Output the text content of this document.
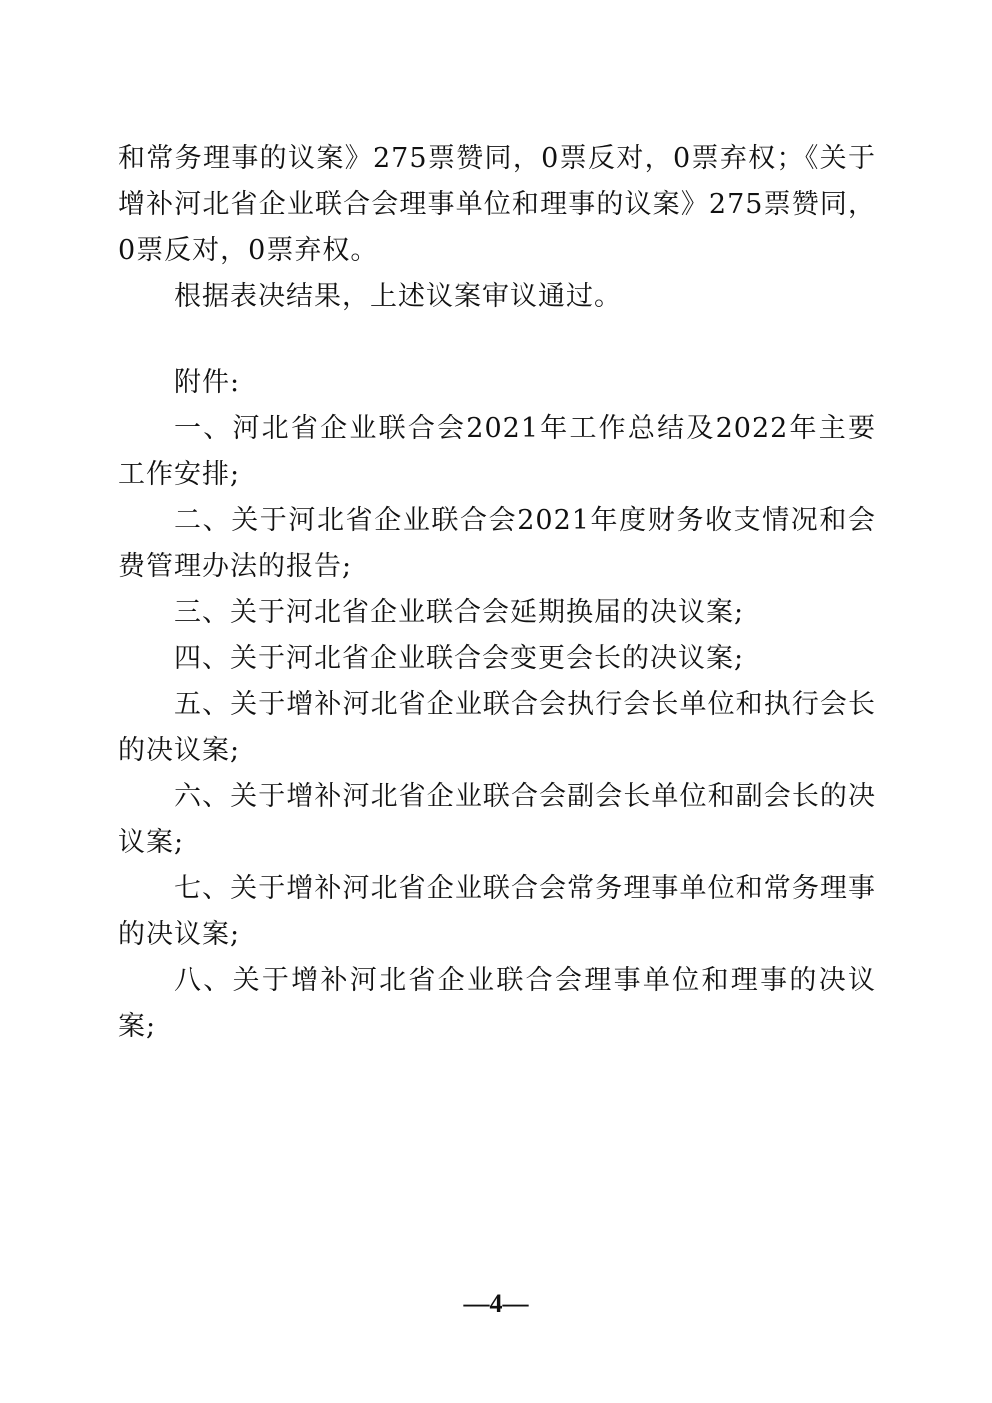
和常务理事的议案》275票赞同，0票反对，0票弃权；《关于增补河北省企业联合会理事单位和理事的议案》275票赞同，0票反对，0票弃权。

根据表决结果，上述议案审议通过。

附件:

一、河北省企业联合会2021年工作总结及2022年主要工作安排;

二、关于河北省企业联合会2021年度财务收支情况和会费管理办法的报告;

三、关于河北省企业联合会延期换届的决议案;

四、关于河北省企业联合会变更会长的决议案;

五、关于增补河北省企业联合会执行会长单位和执行会长的决议案;

六、关于增补河北省企业联合会副会长单位和副会长的决议案;

七、关于增补河北省企业联合会常务理事单位和常务理事的决议案;

八、关于增补河北省企业联合会理事单位和理事的决议案;

—4—
